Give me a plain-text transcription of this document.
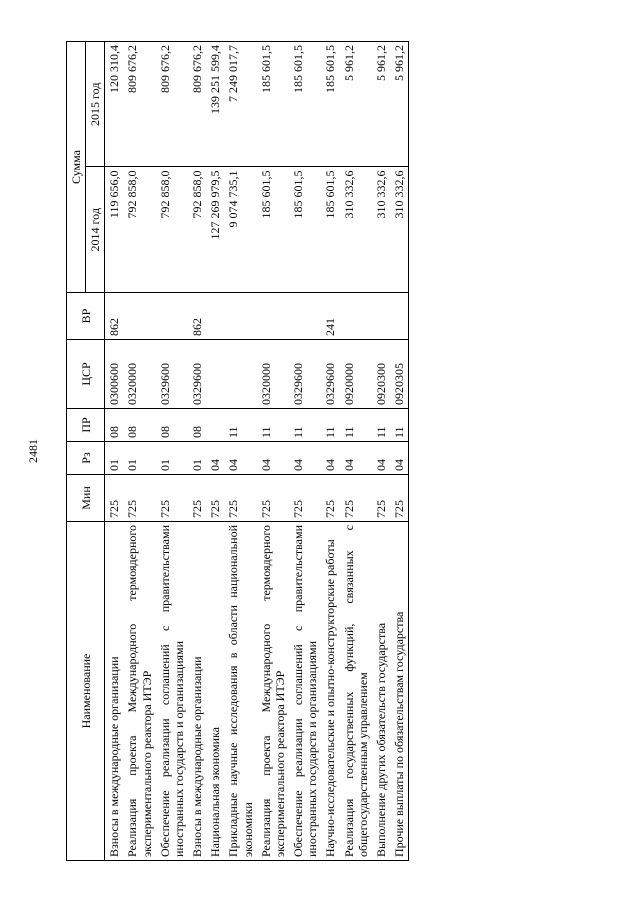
2481
Наименование	Мин	Рз	ПР	ЦСР	ВР	Сумма	
						2014 год	2015 год
Взносы в международные организации	725	01	08	0300600	862	119 656,0	120 310,4
Реализация проекта Международного термоядерного экспериментального реактора ИТЭР	725	01	08	0320000		792 858,0	809 676,2
Обеспечение реализации соглашений с правительствами иностранных государств и организациями	725	01	08	0329600		792 858,0	809 676,2
Взносы в международные организации	725	01	08	0329600	862	792 858,0	809 676,2
Национальная экономика	725	04				127 269 979,5	139 251 599,4
Прикладные научные исследования в области национальной экономики	725	04	11			9 074 735,1	7 249 017,7
Реализация проекта Международного термоядерного экспериментального реактора ИТЭР	725	04	11	0320000		185 601,5	185 601,5
Обеспечение реализации соглашений с правительствами иностранных государств и организациями	725	04	11	0329600		185 601,5	185 601,5
Научно-исследовательские и опытно-конструкторские работы	725	04	11	0329600	241	185 601,5	185 601,5
Реализация государственных функций, связанных с общегосударственным управлением	725	04	11	0920000		310 332,6	5 961,2
Выполнение других обязательств государства	725	04	11	0920300		310 332,6	5 961,2
Прочие выплаты по обязательствам государства	725	04	11	0920305		310 332,6	5 961,2
